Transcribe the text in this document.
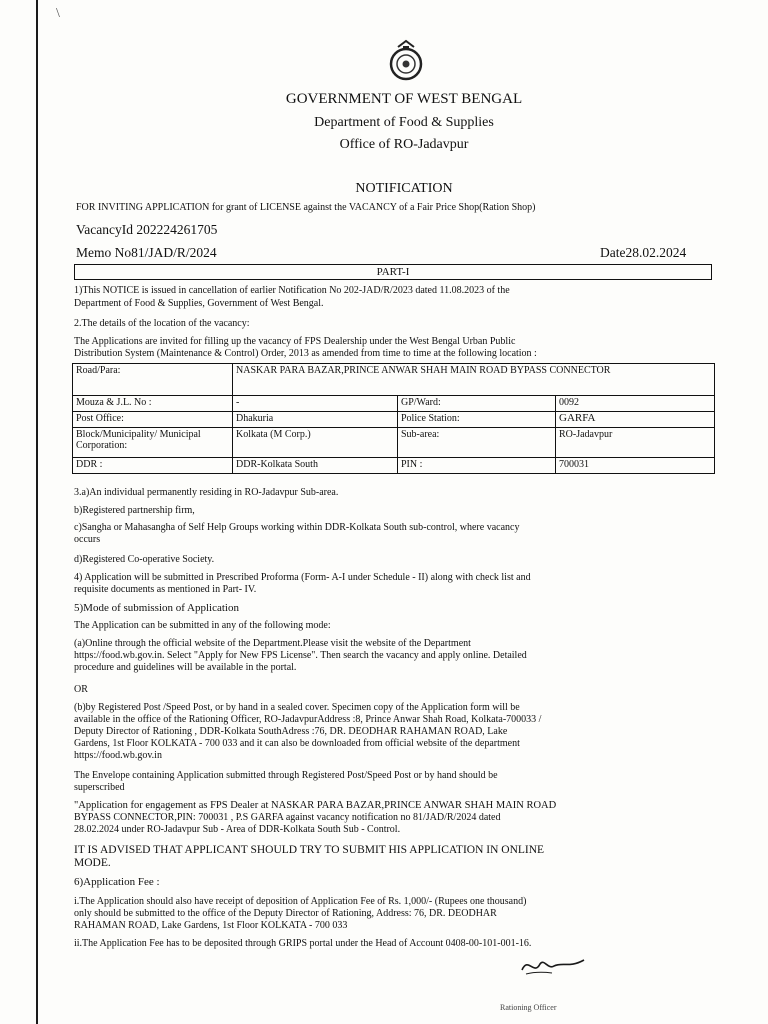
\
GOVERNMENT OF WEST BENGAL
Department of Food & Supplies
Office of RO-Jadavpur
NOTIFICATION
FOR INVITING APPLICATION for grant of LICENSE against the VACANCY of a Fair Price Shop(Ration Shop)
VacancyId 202224261705
Memo No81/JAD/R/2024	Date28.02.2024
PART-I
1)This NOTICE is issued in cancellation of earlier Notification No 202-JAD/R/2023 dated 11.08.2023 of the
Department of Food & Supplies, Government of West Bengal.
2.The details of the location of the vacancy:
The Applications are invited for filling up the vacancy of FPS Dealership under the West Bengal Urban Public
Distribution System (Maintenance & Control) Order, 2013 as amended from time to time at the following location :
Road/Para:	NASKAR PARA BAZAR,PRINCE ANWAR SHAH MAIN ROAD BYPASS CONNECTOR		
Mouza & J.L. No :	-	GP/Ward:	0092
Post Office:	Dhakuria	Police Station:	GARFA
Block/Municipality/ Municipal Corporation:	Kolkata (M Corp.)	Sub-area:	RO-Jadavpur
DDR :	DDR-Kolkata South	PIN :	700031
3.a)An individual permanently residing in RO-Jadavpur Sub-area.
b)Registered partnership firm,
c)Sangha or Mahasangha of Self Help Groups working within DDR-Kolkata South sub-control, where vacancy
occurs
d)Registered Co-operative Society.
4) Application will be submitted in Prescribed Proforma (Form- A-I under Schedule - II) along with check list and
requisite documents as mentioned in Part- IV.
5)Mode of submission of Application
The Application can be submitted in any of the following mode:
(a)Online through the official website of the Department.Please visit the website of the Department
https://food.wb.gov.in. Select "Apply for New FPS License". Then search the vacancy and apply online. Detailed
procedure and guidelines will be available in the portal.
OR
(b)by Registered Post /Speed Post, or by hand in a sealed cover. Specimen copy of the Application form will be
available in the office of the Rationing Officer, RO-JadavpurAddress :8, Prince Anwar Shah Road, Kolkata-700033 /
Deputy Director of Rationing , DDR-Kolkata SouthAdress :76, DR. DEODHAR RAHAMAN ROAD, Lake
Gardens, 1st Floor KOLKATA - 700 033 and it can also be downloaded from official website of the department
https://food.wb.gov.in
The Envelope containing Application submitted through Registered Post/Speed Post or by hand should be
superscribed
"Application for engagement as FPS Dealer at NASKAR PARA BAZAR,PRINCE ANWAR SHAH MAIN ROAD
BYPASS CONNECTOR,PIN: 700031 , P.S GARFA against vacancy notification no 81/JAD/R/2024 dated
28.02.2024 under RO-Jadavpur Sub - Area of DDR-Kolkata South Sub - Control.
IT IS ADVISED THAT APPLICANT SHOULD TRY TO SUBMIT HIS APPLICATION IN ONLINE
MODE.
6)Application Fee :
i.The Application should also have receipt of deposition of Application Fee of Rs. 1,000/- (Rupees one thousand)
only should be submitted to the office of the Deputy Director of Rationing, Address: 76, DR. DEODHAR
RAHAMAN ROAD, Lake Gardens, 1st Floor KOLKATA - 700 033
ii.The Application Fee has to be deposited through GRIPS portal under the Head of Account 0408-00-101-001-16.
Rationing Officer
